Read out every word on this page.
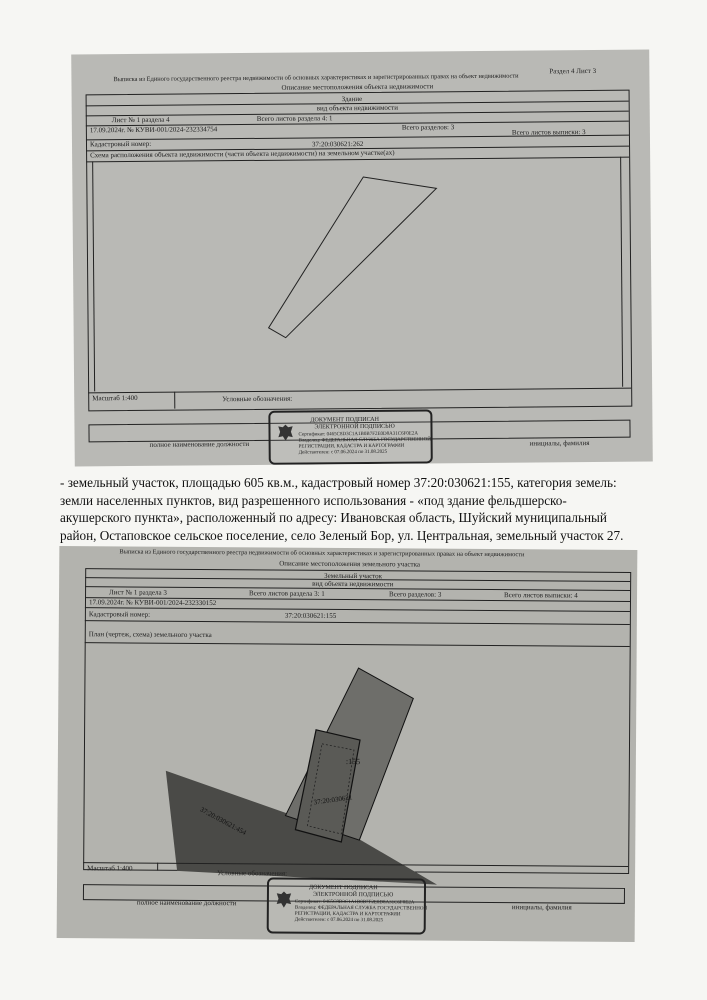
Раздел 4 Лист 3
Выписка из Единого государственного реестра недвижимости об основных характеристиках и зарегистрированных правах на объект недвижимости
Описание местоположения объекта недвижимости
Здание
вид объекта недвижимости
Лист № 1 раздела 4	Всего листов раздела 4: 1
17.09.2024г. № КУВИ-001/2024-232334754	Всего разделов: 3
Всего листов выписки: 3
Кадастровый номер:	37:20:030621:262
Схема расположения объекта недвижимости (части объекта недвижимости) на земельном участке(ах)
Масштаб 1:400	Условные обозначения:
полное наименование должности	инициалы, фамилия
ДОКУМЕНТ ПОДПИСАН
ЭЛЕКТРОННОЙ ПОДПИСЬЮ
Сертификат: 0465C8D3C1A1B0B7F2E0D8A31C6F0E2A
Владелец: ФЕДЕРАЛЬНАЯ СЛУЖБА ГОСУДАРСТВЕННОЙ
РЕГИСТРАЦИИ, КАДАСТРА И КАРТОГРАФИИ
Действителен: с 07.06.2024 по 31.08.2025
- земельный участок, площадью 605 кв.м., кадастровый номер 37:20:030621:155, категория земель:
земли населенных пунктов, вид разрешенного использования - «под здание фельдшерско-
акушерского пункта», расположенный по адресу: Ивановская область, Шуйский муниципальный
район, Остаповское сельское поселение, село Зеленый Бор, ул. Центральная, земельный участок 27.
Выписка из Единого государственного реестра недвижимости об основных характеристиках и зарегистрированных правах на объект недвижимости
Описание местоположения земельного участка
Земельный участок
вид объекта недвижимости
Лист № 1 раздела 3	Всего листов раздела 3: 1	Всего разделов: 3	Всего листов выписки: 4
17.09.2024г. № КУВИ-001/2024-232330152
Кадастровый номер:	37:20:030621:155
План (чертеж, схема) земельного участка
:155
37:20:030621
37:20:030621:454
Масштаб 1:400
Условные обозначения:
полное наименование должности
инициалы, фамилия
ДОКУМЕНТ ПОДПИСАН
ЭЛЕКТРОННОЙ ПОДПИСЬЮ
Сертификат: 0465C8D3C1A1B0B7F2E0D8A31C6F0E2A
Владелец: ФЕДЕРАЛЬНАЯ СЛУЖБА ГОСУДАРСТВЕННОЙ
РЕГИСТРАЦИИ, КАДАСТРА И КАРТОГРАФИИ
Действителен: с 07.06.2024 по 31.08.2025
